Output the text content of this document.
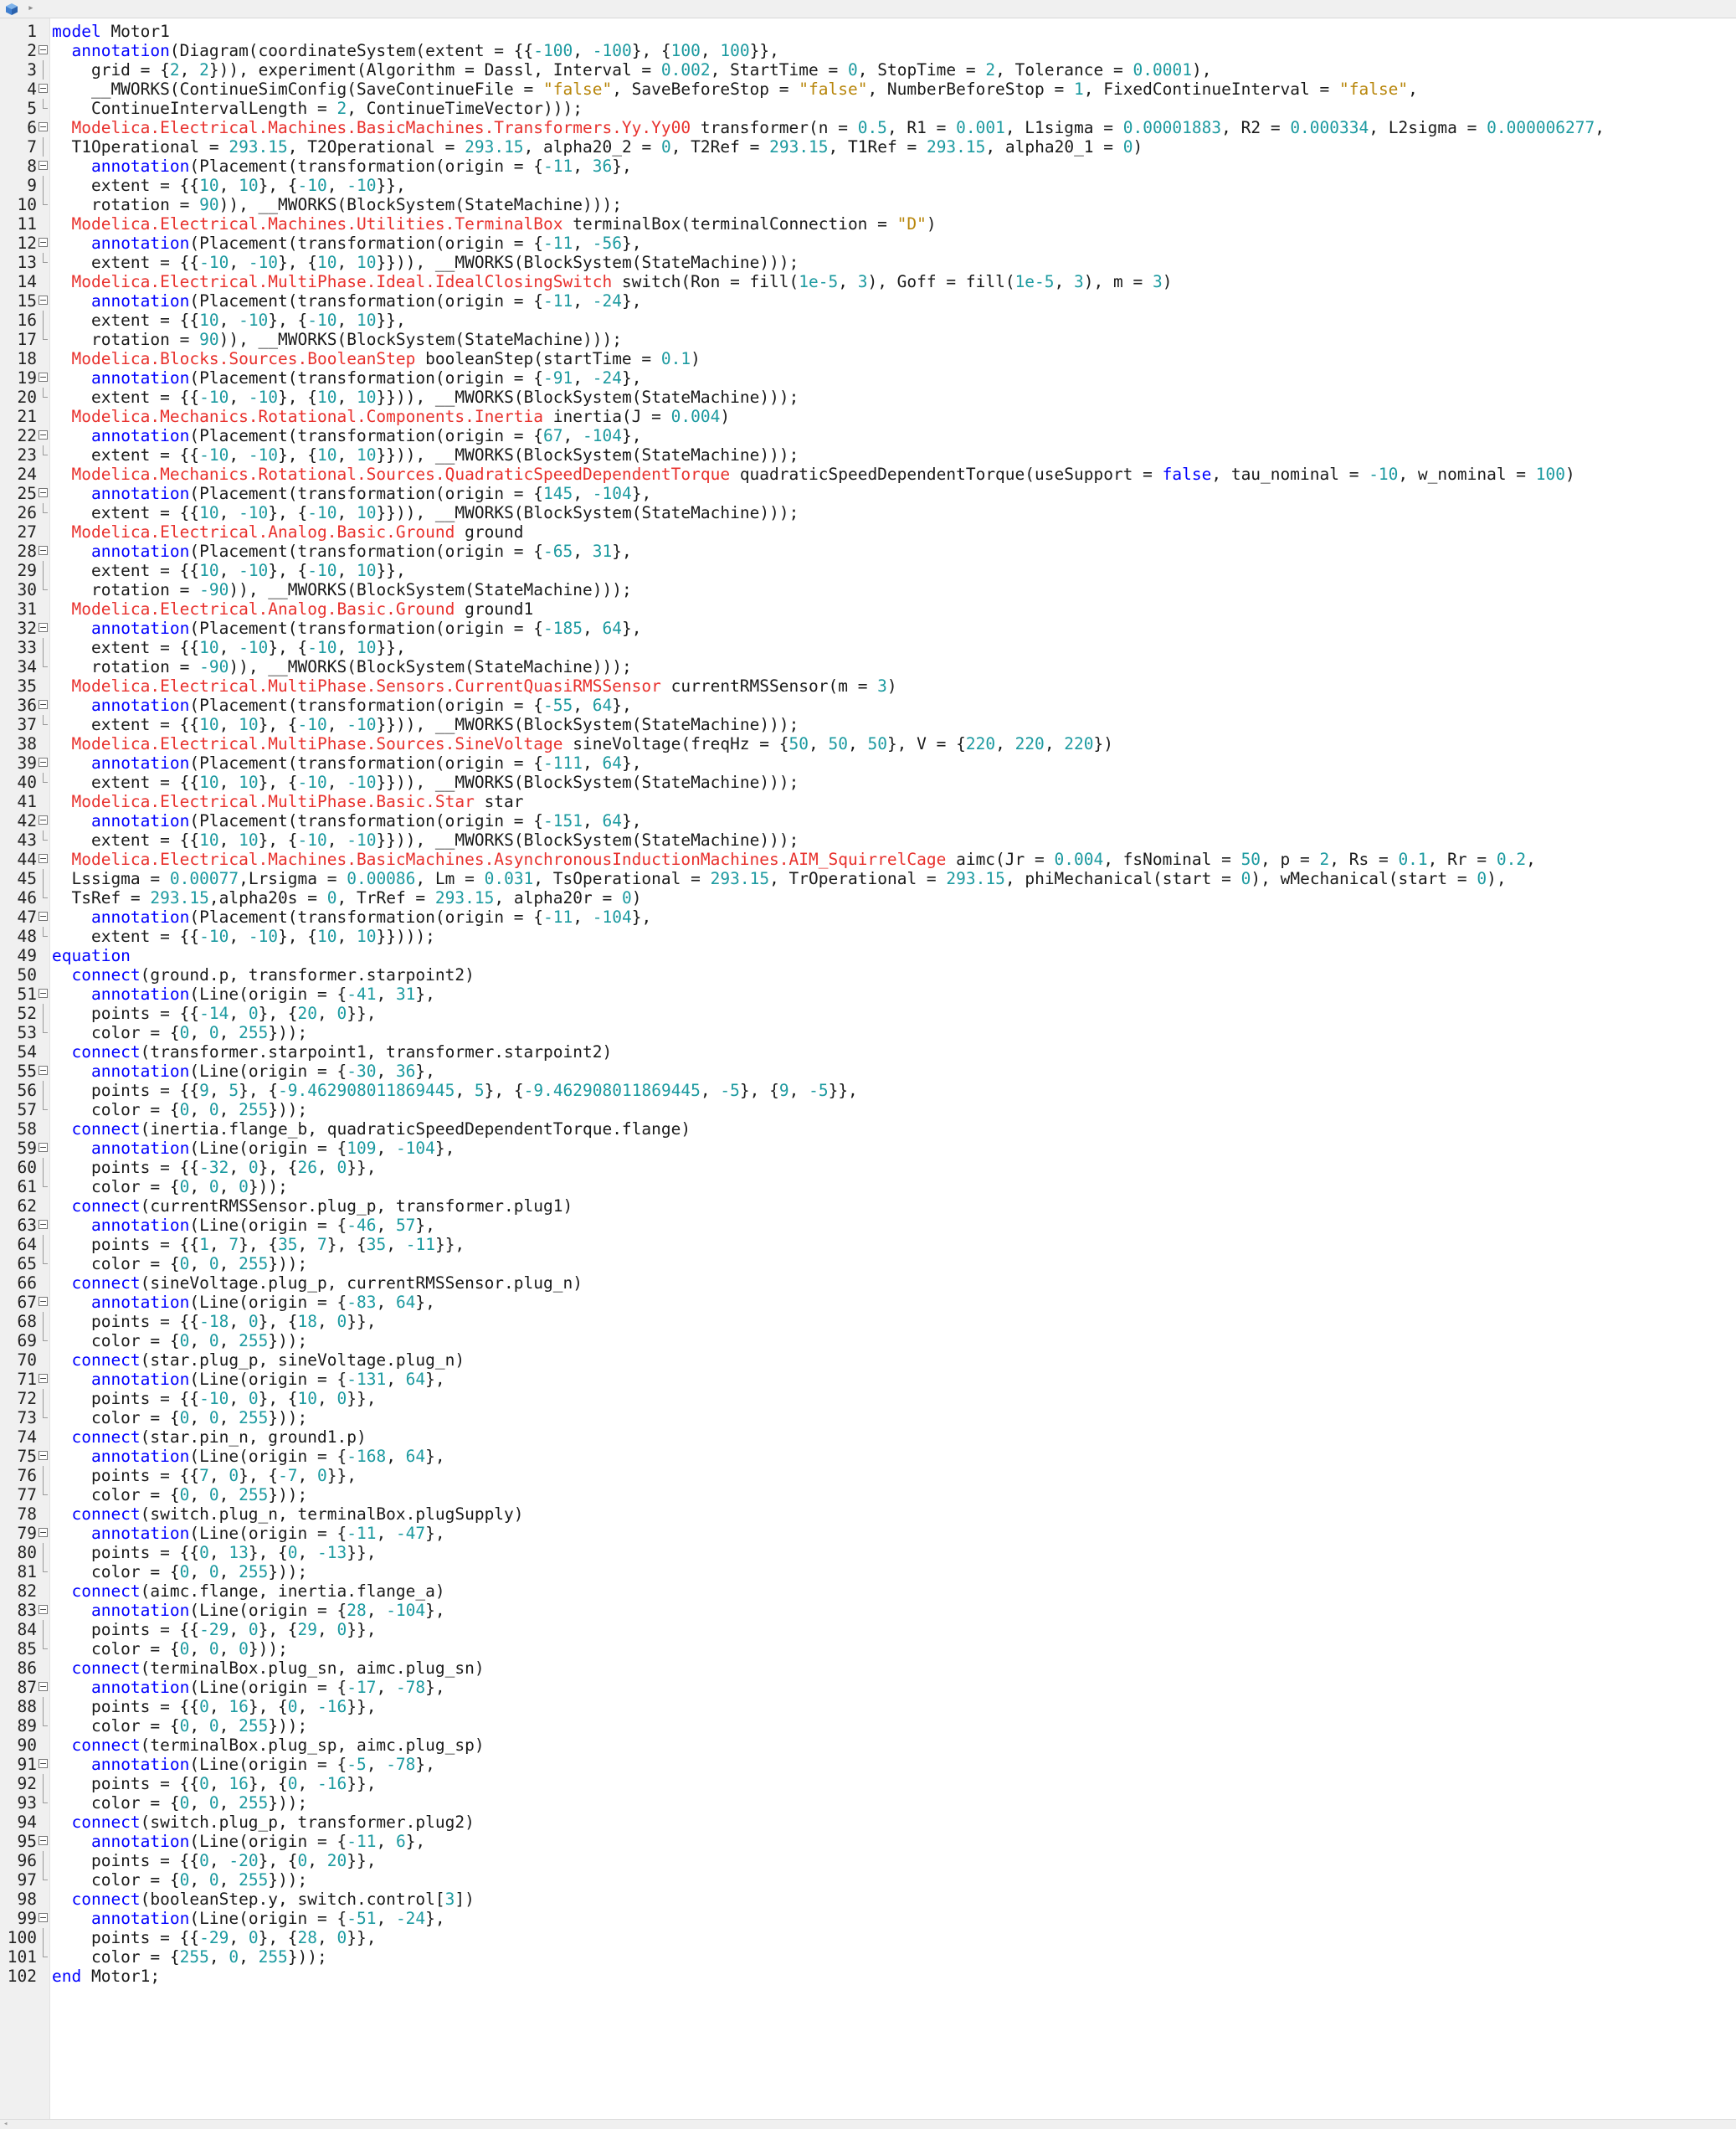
▸
1 model Motor1
2 −	annotation(Diagram(coordinateSystem(extent = {{-100, -100}, {100, 100}},
3 grid = {2, 2})), experiment(Algorithm = Dassl, Interval = 0.002, StartTime = 0, StopTime = 2, Tolerance = 0.0001),
4 − __MWORKS(ContinueSimConfig(SaveContinueFile = "false", SaveBeforeStop = "false", NumberBeforeStop = 1, FixedContinueInterval = "false",
5 ContinueIntervalLength = 2, ContinueTimeVector)));
6 −	Modelica.Electrical.Machines.BasicMachines.Transformers.Yy.Yy00 transformer(n = 0.5, R1 = 0.001, L1sigma = 0.00001883, R2 = 0.000334, L2sigma = 0.000006277,
7 T1Operational = 293.15, T2Operational = 293.15, alpha20_2 = 0, T2Ref = 293.15, T1Ref = 293.15, alpha20_1 = 0)
8 −	annotation(Placement(transformation(origin = {-11, 36},
9 extent = {{10, 10}, {-10, -10}},
10 rotation = 90)), __MWORKS(BlockSystem(StateMachine)));
11	Modelica.Electrical.Machines.Utilities.TerminalBox terminalBox(terminalConnection = "D")
12 −	annotation(Placement(transformation(origin = {-11, -56},
13 extent = {{-10, -10}, {10, 10}})), __MWORKS(BlockSystem(StateMachine)));
14	Modelica.Electrical.MultiPhase.Ideal.IdealClosingSwitch switch(Ron = fill(1e-5, 3), Goff = fill(1e-5, 3), m = 3)
15 −	annotation(Placement(transformation(origin = {-11, -24},
16 extent = {{10, -10}, {-10, 10}},
17 rotation = 90)), __MWORKS(BlockSystem(StateMachine)));
18	Modelica.Blocks.Sources.BooleanStep booleanStep(startTime = 0.1)
19 −	annotation(Placement(transformation(origin = {-91, -24},
20 extent = {{-10, -10}, {10, 10}})), __MWORKS(BlockSystem(StateMachine)));
21	Modelica.Mechanics.Rotational.Components.Inertia inertia(J = 0.004)
22 −	annotation(Placement(transformation(origin = {67, -104},
23 extent = {{-10, -10}, {10, 10}})), __MWORKS(BlockSystem(StateMachine)));
24	Modelica.Mechanics.Rotational.Sources.QuadraticSpeedDependentTorque quadraticSpeedDependentTorque(useSupport = false, tau_nominal = -10, w_nominal = 100)
25 −	annotation(Placement(transformation(origin = {145, -104},
26 extent = {{10, -10}, {-10, 10}})), __MWORKS(BlockSystem(StateMachine)));
27	Modelica.Electrical.Analog.Basic.Ground ground
28 −	annotation(Placement(transformation(origin = {-65, 31},
29 extent = {{10, -10}, {-10, 10}},
30 rotation = -90)), __MWORKS(BlockSystem(StateMachine)));
31	Modelica.Electrical.Analog.Basic.Ground ground1
32 −	annotation(Placement(transformation(origin = {-185, 64},
33 extent = {{10, -10}, {-10, 10}},
34 rotation = -90)), __MWORKS(BlockSystem(StateMachine)));
35	Modelica.Electrical.MultiPhase.Sensors.CurrentQuasiRMSSensor currentRMSSensor(m = 3)
36 −	annotation(Placement(transformation(origin = {-55, 64},
37 extent = {{10, 10}, {-10, -10}})), __MWORKS(BlockSystem(StateMachine)));
38	Modelica.Electrical.MultiPhase.Sources.SineVoltage sineVoltage(freqHz = {50, 50, 50}, V = {220, 220, 220})
39 −	annotation(Placement(transformation(origin = {-111, 64},
40 extent = {{10, 10}, {-10, -10}})), __MWORKS(BlockSystem(StateMachine)));
41	Modelica.Electrical.MultiPhase.Basic.Star star
42 −	annotation(Placement(transformation(origin = {-151, 64},
43 extent = {{10, 10}, {-10, -10}})), __MWORKS(BlockSystem(StateMachine)));
44 −	Modelica.Electrical.Machines.BasicMachines.AsynchronousInductionMachines.AIM_SquirrelCage aimc(Jr = 0.004, fsNominal = 50, p = 2, Rs = 0.1, Rr = 0.2,
45 Lssigma = 0.00077,Lrsigma = 0.00086, Lm = 0.031, TsOperational = 293.15, TrOperational = 293.15, phiMechanical(start = 0), wMechanical(start = 0),
46 TsRef = 293.15,alpha20s = 0, TrRef = 293.15, alpha20r = 0)
47 −	annotation(Placement(transformation(origin = {-11, -104},
48 extent = {{-10, -10}, {10, 10}})));
49 equation
50	connect(ground.p, transformer.starpoint2)
51 −	annotation(Line(origin = {-41, 31},
52 points = {{-14, 0}, {20, 0}},
53 color = {0, 0, 255}));
54	connect(transformer.starpoint1, transformer.starpoint2)
55 −	annotation(Line(origin = {-30, 36},
56 points = {{9, 5}, {-9.462908011869445, 5}, {-9.462908011869445, -5}, {9, -5}},
57 color = {0, 0, 255}));
58	connect(inertia.flange_b, quadraticSpeedDependentTorque.flange)
59 −	annotation(Line(origin = {109, -104},
60 points = {{-32, 0}, {26, 0}},
61 color = {0, 0, 0}));
62	connect(currentRMSSensor.plug_p, transformer.plug1)
63 −	annotation(Line(origin = {-46, 57},
64 points = {{1, 7}, {35, 7}, {35, -11}},
65 color = {0, 0, 255}));
66	connect(sineVoltage.plug_p, currentRMSSensor.plug_n)
67 −	annotation(Line(origin = {-83, 64},
68 points = {{-18, 0}, {18, 0}},
69 color = {0, 0, 255}));
70	connect(star.plug_p, sineVoltage.plug_n)
71 −	annotation(Line(origin = {-131, 64},
72 points = {{-10, 0}, {10, 0}},
73 color = {0, 0, 255}));
74	connect(star.pin_n, ground1.p)
75 −	annotation(Line(origin = {-168, 64},
76 points = {{7, 0}, {-7, 0}},
77 color = {0, 0, 255}));
78	connect(switch.plug_n, terminalBox.plugSupply)
79 −	annotation(Line(origin = {-11, -47},
80 points = {{0, 13}, {0, -13}},
81 color = {0, 0, 255}));
82	connect(aimc.flange, inertia.flange_a)
83 −	annotation(Line(origin = {28, -104},
84 points = {{-29, 0}, {29, 0}},
85 color = {0, 0, 0}));
86	connect(terminalBox.plug_sn, aimc.plug_sn)
87 −	annotation(Line(origin = {-17, -78},
88 points = {{0, 16}, {0, -16}},
89 color = {0, 0, 255}));
90	connect(terminalBox.plug_sp, aimc.plug_sp)
91 −	annotation(Line(origin = {-5, -78},
92 points = {{0, 16}, {0, -16}},
93 color = {0, 0, 255}));
94	connect(switch.plug_p, transformer.plug2)
95 −	annotation(Line(origin = {-11, 6},
96 points = {{0, -20}, {0, 20}},
97 color = {0, 0, 255}));
98	connect(booleanStep.y, switch.control[3])
99 −	annotation(Line(origin = {-51, -24},
100 points = {{-29, 0}, {28, 0}},
101 color = {255, 0, 255}));
102 end Motor1;
◂
